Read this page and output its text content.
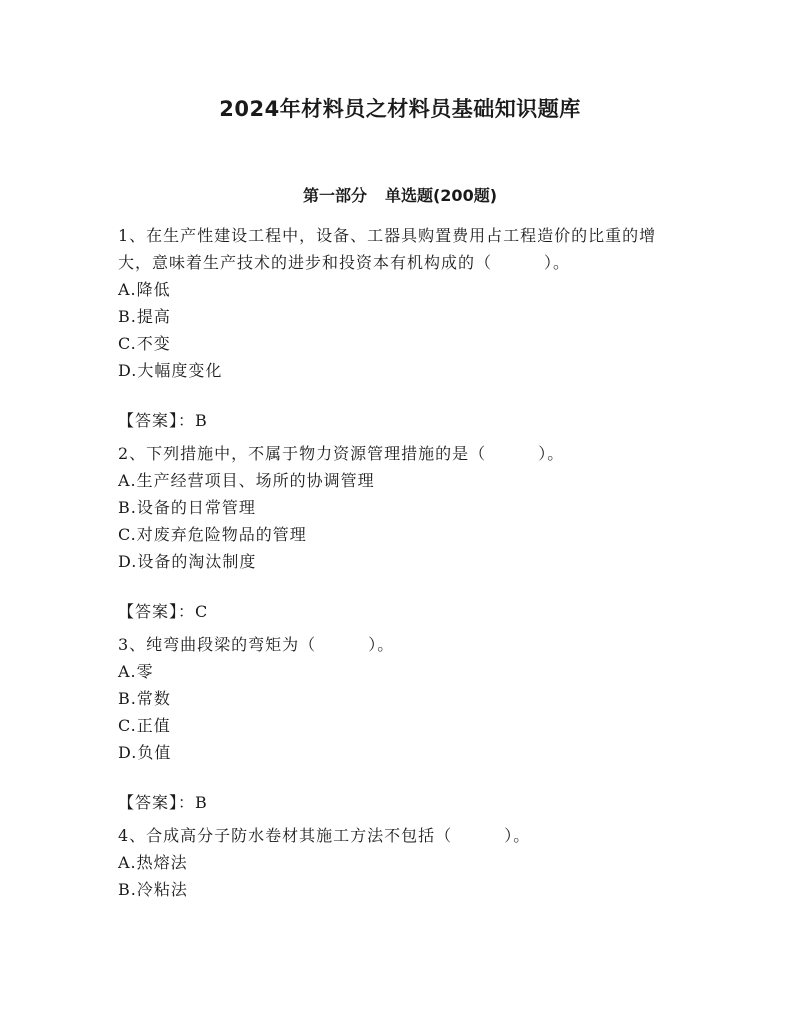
2024年材料员之材料员基础知识题库
第一部分 单选题(200题)

1、在生产性建设工程中，设备、工器具购置费用占工程造价的比重的增大，意味着生产技术的进步和投资本有机构成的（	）。

A.降低

B.提高

C.不变

D.大幅度变化

【答案】：B

2、下列措施中，不属于物力资源管理措施的是（	）。

A.生产经营项目、场所的协调管理

B.设备的日常管理

C.对废弃危险物品的管理

D.设备的淘汰制度

【答案】：C

3、纯弯曲段梁的弯矩为（	）。

A.零

B.常数

C.正值

D.负值

【答案】：B

4、合成高分子防水卷材其施工方法不包括（	）。

A.热熔法

B.冷粘法
